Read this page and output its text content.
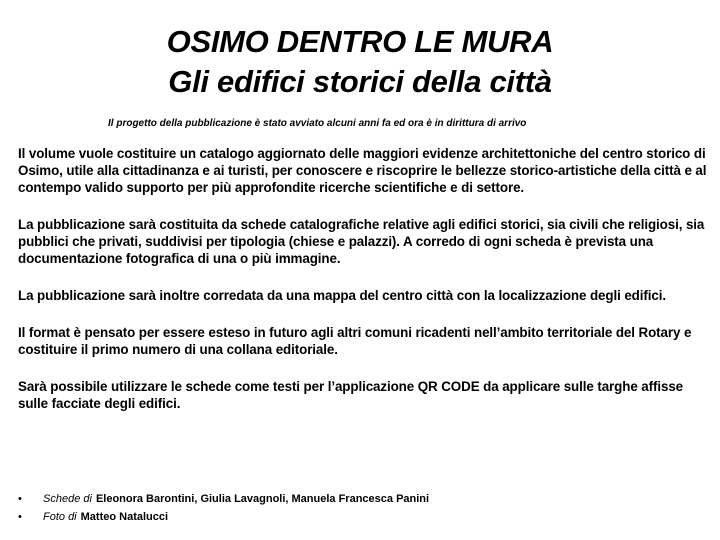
OSIMO DENTRO LE MURA

Gli edifici storici della città

Il progetto della pubblicazione è stato avviato alcuni anni fa ed ora è in dirittura di arrivo

Il volume vuole costituire un catalogo aggiornato delle maggiori evidenze architettoniche del centro storico di Osimo, utile alla cittadinanza e ai turisti, per conoscere e riscoprire le bellezze storico-artistiche della città e al contempo valido supporto per più approfondite ricerche scientifiche e di settore.

La pubblicazione sarà costituita da schede catalografiche relative agli edifici storici, sia civili che religiosi, sia pubblici che privati, suddivisi per tipologia (chiese e palazzi). A corredo di ogni scheda è prevista una documentazione fotografica di una o più immagine.

La pubblicazione sarà inoltre corredata da una mappa del centro città con la localizzazione degli edifici.

Il format è pensato per essere esteso in futuro agli altri comuni ricadenti nell’ambito territoriale del Rotary e costituire il primo numero di una collana editoriale.

Sarà possibile utilizzare le schede come testi per l’applicazione QR CODE da applicare sulle targhe affisse sulle facciate degli edifici.

•	Schede di Eleonora Barontini, Giulia Lavagnoli, Manuela Francesca Panini
•	Foto di Matteo Natalucci
